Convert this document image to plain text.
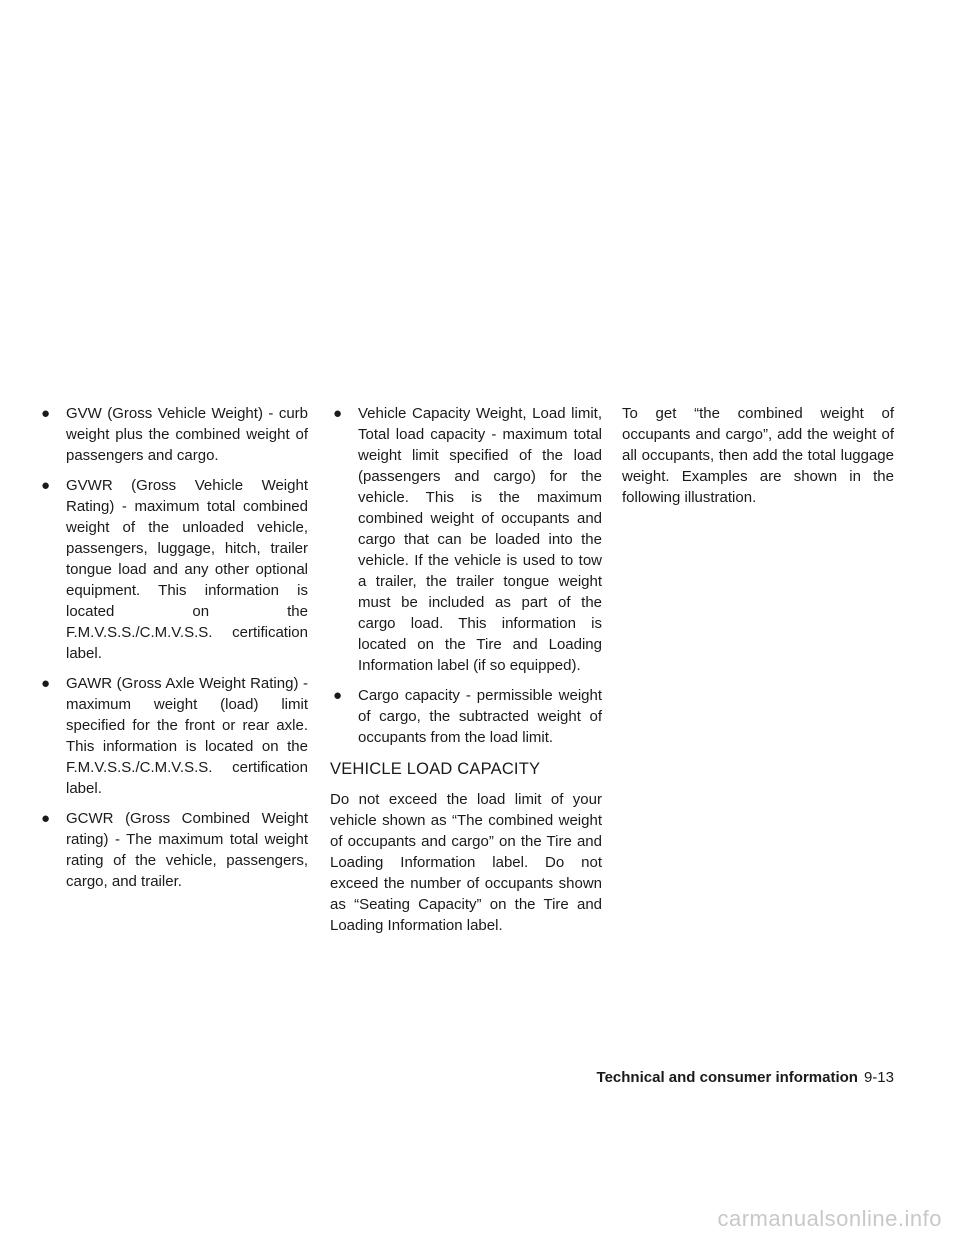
● GVW (Gross Vehicle Weight) - curb weight plus the combined weight of passengers and cargo.
● GVWR (Gross Vehicle Weight Rating) - maximum total combined weight of the unloaded vehicle, passengers, luggage, hitch, trailer tongue load and any other optional equipment. This information is located on the F.M.V.S.S./C.M.V.S.S. certification label.
● GAWR (Gross Axle Weight Rating) - maximum weight (load) limit specified for the front or rear axle. This information is located on the F.M.V.S.S./C.M.V.S.S. certification label.
● GCWR (Gross Combined Weight rating) - The maximum total weight rating of the vehicle, passengers, cargo, and trailer.
● Vehicle Capacity Weight, Load limit, Total load capacity - maximum total weight limit specified of the load (passengers and cargo) for the vehicle. This is the maximum combined weight of occupants and cargo that can be loaded into the vehicle. If the vehicle is used to tow a trailer, the trailer tongue weight must be included as part of the cargo load. This information is located on the Tire and Loading Information label (if so equipped).
● Cargo capacity - permissible weight of cargo, the subtracted weight of occupants from the load limit.
VEHICLE LOAD CAPACITY

Do not exceed the load limit of your vehicle shown as “The combined weight of occupants and cargo” on the Tire and Loading Information label. Do not exceed the number of occupants shown as “Seating Capacity” on the Tire and Loading Information label.

To get “the combined weight of occupants and cargo”, add the weight of all occupants, then add the total luggage weight. Examples are shown in the following illustration.

Technical and consumer information 9-13
carmanualsonline.info
